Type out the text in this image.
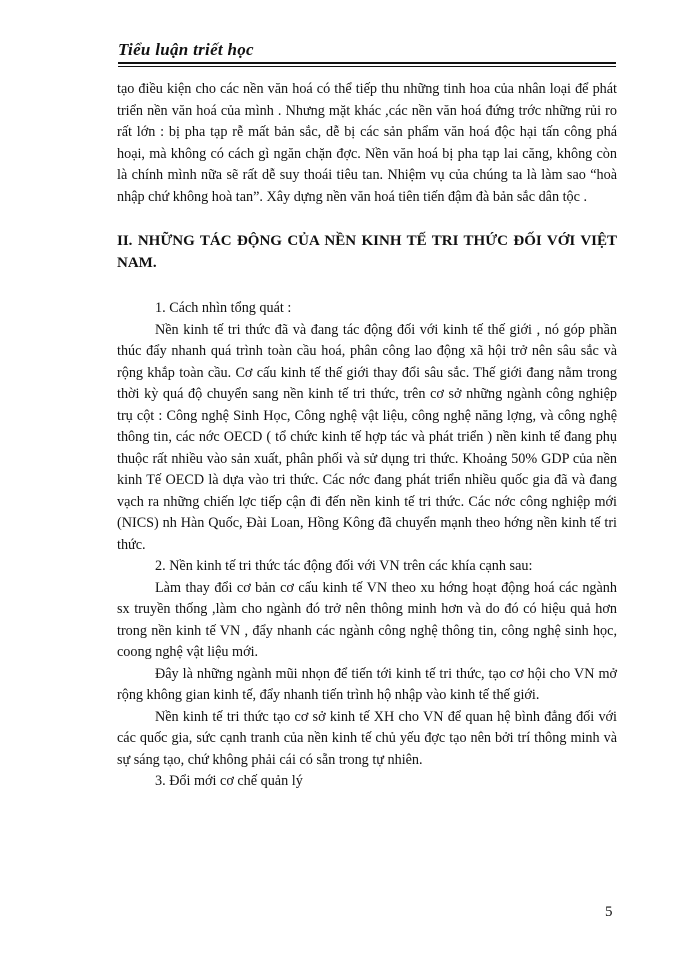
Tiểu luận triết học

tạo điều kiện cho các nền văn hoá có thể tiếp thu những tinh hoa của nhân loại để phát triển nền văn hoá của mình . Nhưng mặt khác ,các nền văn hoá đứng trớc những rủi ro rất lớn : bị pha tạp rễ mất bản sắc, dễ bị các sản phẩm văn hoá độc hại tấn công phá hoại, mà không có cách gì ngăn chặn đợc. Nền văn hoá bị pha tạp lai căng, không còn là chính mình nữa sẽ rất dễ suy thoái tiêu tan. Nhiệm vụ của chúng ta là làm sao “hoà nhập chứ không hoà tan”. Xây dựng nền văn hoá tiên tiến đậm đà bản sắc dân tộc .

II. NHỮNG TÁC ĐỘNG CỦA NỀN KINH TẾ TRI THỨC ĐỐI VỚI VIỆT NAM.

1. Cách nhìn tổng quát :

Nền kinh tế tri thức đã và đang tác động đối với kinh tế thế giới , nó góp phần thúc đẩy nhanh quá trình toàn cầu hoá, phân công lao động xã hội trở nên sâu sắc và rộng khắp toàn cầu. Cơ cấu kinh tế thế giới thay đổi sâu sắc. Thế giới đang nằm trong thời kỳ quá độ chuyển sang nền kinh tế tri thức, trên cơ sở những ngành công nghiệp trụ cột : Công nghệ Sinh Học, Công nghệ vật liệu, công nghệ năng lợng, và công nghệ thông tin, các nớc OECD ( tổ chức kinh tế hợp tác và phát triển ) nền kinh tế đang phụ thuộc rất nhiều vào sản xuất, phân phối và sử dụng tri thức. Khoảng 50% GDP của nền kinh Tế OECD là dựa vào tri thức. Các nớc đang phát triển nhiều quốc gia đã và đang vạch ra những chiến lợc tiếp cận đi đến nền kinh tế tri thức. Các nớc công nghiệp mới (NICS) nh Hàn Quốc, Đài Loan, Hồng Kông đã chuyển mạnh theo hớng nền kinh tế tri thức.

2. Nền kinh tế tri thức tác động đối với VN trên các khía cạnh sau:

Làm thay đổi cơ bản cơ cấu kinh tế VN theo xu hớng hoạt động hoá các ngành sx truyền thống ,làm cho ngành đó trở nên thông minh hơn và do đó có hiệu quả hơn trong nền kinh tế VN , đẩy nhanh các ngành công nghệ thông tin, công nghệ sinh học, coong nghệ vật liệu mới.

Đây là những ngành mũi nhọn để tiến tới kinh tế tri thức, tạo cơ hội cho VN mở rộng không gian kinh tế, đẩy nhanh tiến trình hộ nhập vào kinh tế thế giới.

Nền kinh tế tri thức tạo cơ sở kinh tế XH cho VN để quan hệ bình đẳng đối với các quốc gia, sức cạnh tranh của nền kinh tế chủ yếu đợc tạo nên bởi trí thông minh và sự sáng tạo, chứ không phải cái có sẵn trong tự nhiên.

3. Đổi mới cơ chế quản lý

5
